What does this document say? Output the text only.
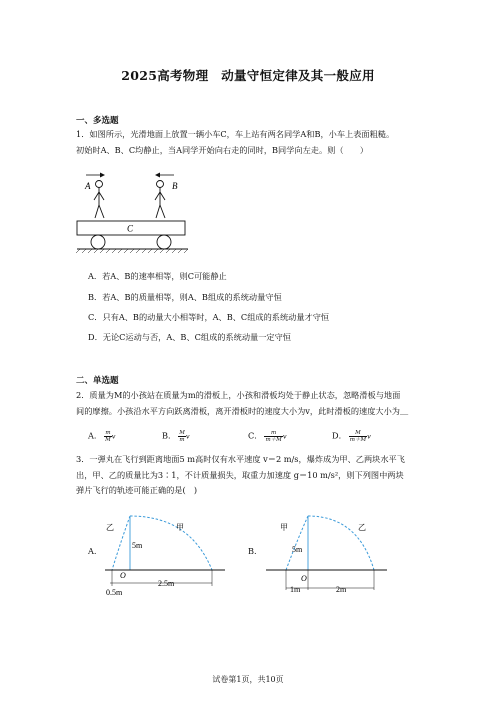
2025高考物理　动量守恒定律及其一般应用
一、多选题
1．如图所示，光滑地面上放置一辆小车C，车上站有两名同学A和B，小车上表面粗糙。
初始时A、B、C均静止，当A同学开始向右走的同时，B同学向左走。则（　　）
A	B
C
A．若A、B的速率相等，则C可能静止
B．若A、B的质量相等，则A、B组成的系统动量守恒
C．只有A、B的动量大小相等时，A、B、C组成的系统动量才守恒
D．无论C运动与否，A、B、C组成的系统动量一定守恒
二、单选题
2．质量为M的小孩站在质量为m的滑板上，小孩和滑板均处于静止状态，忽略滑板与地面
间的摩擦。小孩沿水平方向跃离滑板，离开滑板时的速度大小为v，此时滑板的速度大小为＿
A． $\frac{m}{M}$ v	B． $\frac{M}{m}$ v	C． $\frac{m}{m+M}$ v	D． $\frac{M}{m+M}$ v
3．一弹丸在飞行到距离地面5 m高时仅有水平速度 v＝2 m/s，爆炸成为甲、乙两块水平飞
出，甲、乙的质量比为3∶1，不计质量损失，取重力加速度 g＝10 m/s²，则下列图中两块
弹片飞行的轨迹可能正确的是(　)
A.
乙	甲
5m
O
2.5m
0.5m
B.
甲	乙
5m
O
1m	2m
试卷第1页，共10页
